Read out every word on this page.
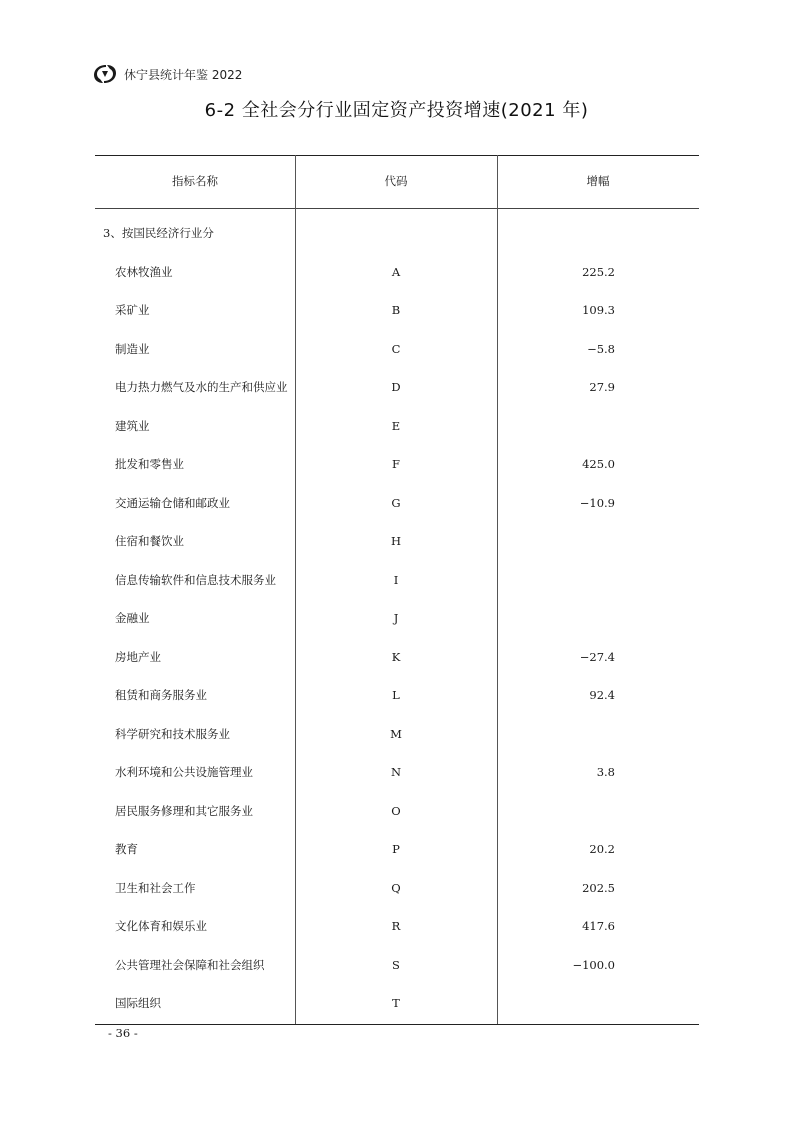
休宁县统计年鉴 2022
6-2 全社会分行业固定资产投资增速(2021 年)
指标名称	代码	增幅
3、按国民经济行业分
农林牧渔业	A	225.2
采矿业	B	109.3
制造业	C	−5.8
电力热力燃气及水的生产和供应业	D	27.9
建筑业	E
批发和零售业	F	425.0
交通运输仓储和邮政业	G	−10.9
住宿和餐饮业	H
信息传输软件和信息技术服务业	I
金融业	J
房地产业	K	−27.4
租赁和商务服务业	L	92.4
科学研究和技术服务业	M
水利环境和公共设施管理业	N	3.8
居民服务修理和其它服务业	O
教育	P	20.2
卫生和社会工作	Q	202.5
文化体育和娱乐业	R	417.6
公共管理社会保障和社会组织	S	−100.0
国际组织	T
- 36 -
